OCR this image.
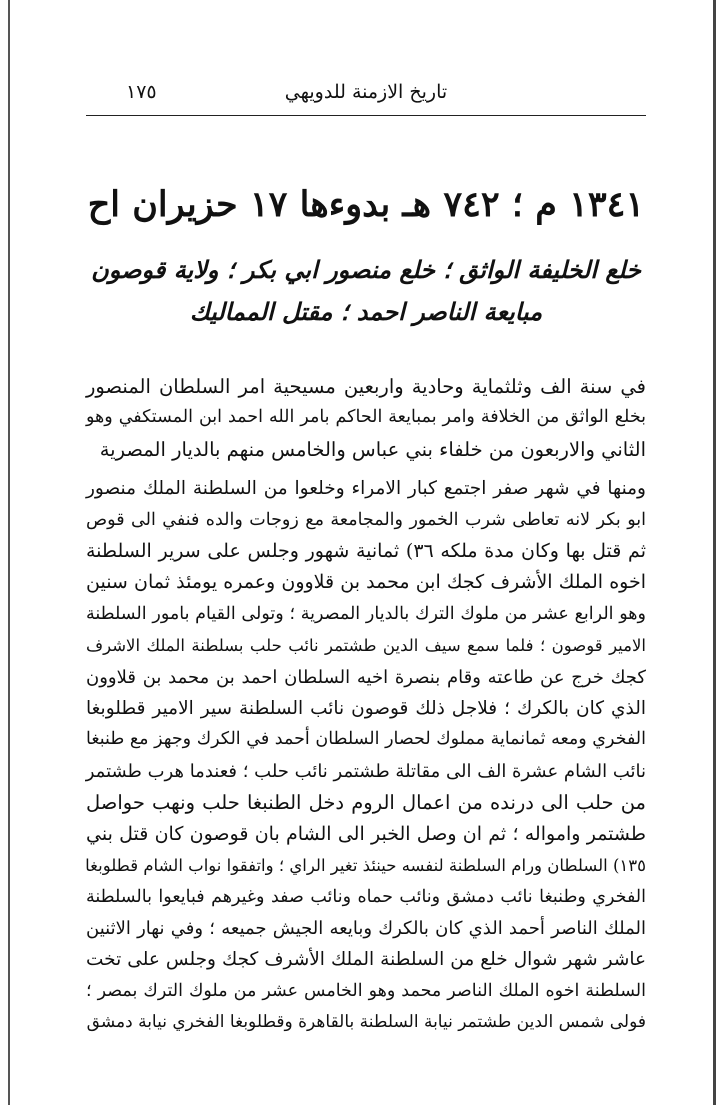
تاريخ الازمنة للدويهي
١٧٥
١٣٤١ م ؛ ٧٤٢ هـ بدوءها ١٧ حزيران اح
خلع الخليفة الواثق ؛ خلع منصور ابي بكر ؛ ولاية قوصون
مبايعة الناصر احمد ؛ مقتل المماليك

في سنة الف وثلثماية وحادية واربعين مسيحية امر السلطان المنصور
بخلع الواثق من الخلافة وامر بمبايعة الحاكم بامر الله احمد ابن المستكفي وهو
الثاني والاربعون من خلفاء بني عباس والخامس منهم بالديار المصرية

ومنها في شهر صفر اجتمع كبار الامراء وخلعوا من السلطنة الملك منصور
ابو بكر لانه تعاطى شرب الخمور والمجامعة مع زوجات والده فنفي الى قوص
ثم قتل بها وكان مدة ملكه ٣٦) ثمانية شهور وجلس على سرير السلطنة
اخوه الملك الأشرف كجك ابن محمد بن قلاوون وعمره يومئذ ثمان سنين
وهو الرابع عشر من ملوك الترك بالديار المصرية ؛ وتولى القيام بامور السلطنة
الامير قوصون ؛ فلما سمع سيف الدين طشتمر نائب حلب بسلطنة الملك الاشرف
كجك خرج عن طاعته وقام بنصرة اخيه السلطان احمد بن محمد بن قلاوون
الذي كان بالكرك ؛ فلاجل ذلك قوصون نائب السلطنة سير الامير قطلوبغا
الفخري ومعه ثمانماية مملوك لحصار السلطان أحمد في الكرك وجهز مع طنبغا
نائب الشام عشرة الف الى مقاتلة طشتمر نائب حلب ؛ فعندما هرب طشتمر
من حلب الى درنده من اعمال الروم دخل الطنبغا حلب ونهب حواصل
طشتمر وامواله ؛ ثم ان وصل الخبر الى الشام بان قوصون كان قتل بني
١٣٥) السلطان ورام السلطنة لنفسه حينئذ تغير الراي ؛ واتفقوا نواب الشام قطلوبغا
الفخري وطنبغا نائب دمشق ونائب حماه ونائب صفد وغيرهم فبايعوا بالسلطنة
الملك الناصر أحمد الذي كان بالكرك وبايعه الجيش جميعه ؛ وفي نهار الاثنين
عاشر شهر شوال خلع من السلطنة الملك الأشرف كجك وجلس على تخت
السلطنة اخوه الملك الناصر محمد وهو الخامس عشر من ملوك الترك بمصر ؛
فولى شمس الدين طشتمر نيابة السلطنة بالقاهرة وقطلوبغا الفخري نيابة دمشق
